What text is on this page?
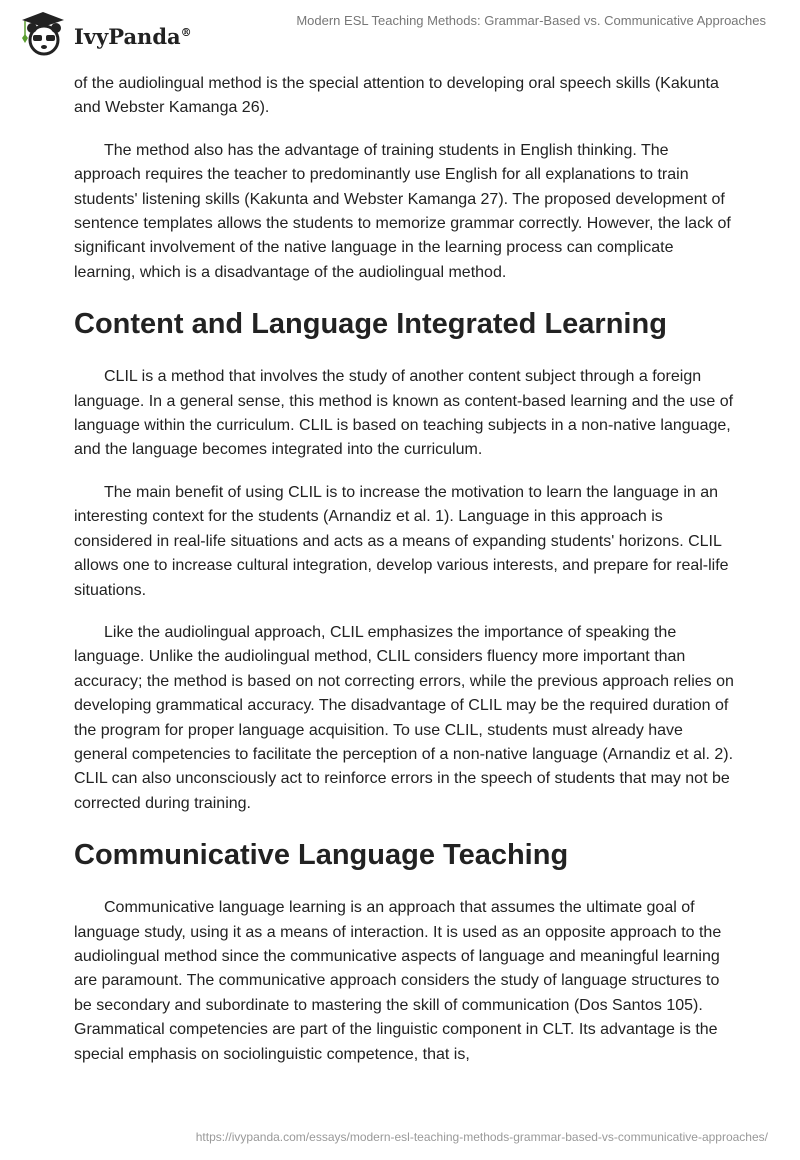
IvyPanda®
Modern ESL Teaching Methods: Grammar-Based vs. Communicative Approaches

of the audiolingual method is the special attention to developing oral speech skills (Kakunta and Webster Kamanga 26).

The method also has the advantage of training students in English thinking. The approach requires the teacher to predominantly use English for all explanations to train students' listening skills (Kakunta and Webster Kamanga 27). The proposed development of sentence templates allows the students to memorize grammar correctly. However, the lack of significant involvement of the native language in the learning process can complicate learning, which is a disadvantage of the audiolingual method.

Content and Language Integrated Learning

CLIL is a method that involves the study of another content subject through a foreign language. In a general sense, this method is known as content-based learning and the use of language within the curriculum. CLIL is based on teaching subjects in a non-native language, and the language becomes integrated into the curriculum.

The main benefit of using CLIL is to increase the motivation to learn the language in an interesting context for the students (Arnandiz et al. 1). Language in this approach is considered in real-life situations and acts as a means of expanding students' horizons. CLIL allows one to increase cultural integration, develop various interests, and prepare for real-life situations.

Like the audiolingual approach, CLIL emphasizes the importance of speaking the language. Unlike the audiolingual method, CLIL considers fluency more important than accuracy; the method is based on not correcting errors, while the previous approach relies on developing grammatical accuracy. The disadvantage of CLIL may be the required duration of the program for proper language acquisition. To use CLIL, students must already have general competencies to facilitate the perception of a non-native language (Arnandiz et al. 2). CLIL can also unconsciously act to reinforce errors in the speech of students that may not be corrected during training.

Communicative Language Teaching

Communicative language learning is an approach that assumes the ultimate goal of language study, using it as a means of interaction. It is used as an opposite approach to the audiolingual method since the communicative aspects of language and meaningful learning are paramount. The communicative approach considers the study of language structures to be secondary and subordinate to mastering the skill of communication (Dos Santos 105). Grammatical competencies are part of the linguistic component in CLT. Its advantage is the special emphasis on sociolinguistic competence, that is,

https://ivypanda.com/essays/modern-esl-teaching-methods-grammar-based-vs-communicative-approaches/
